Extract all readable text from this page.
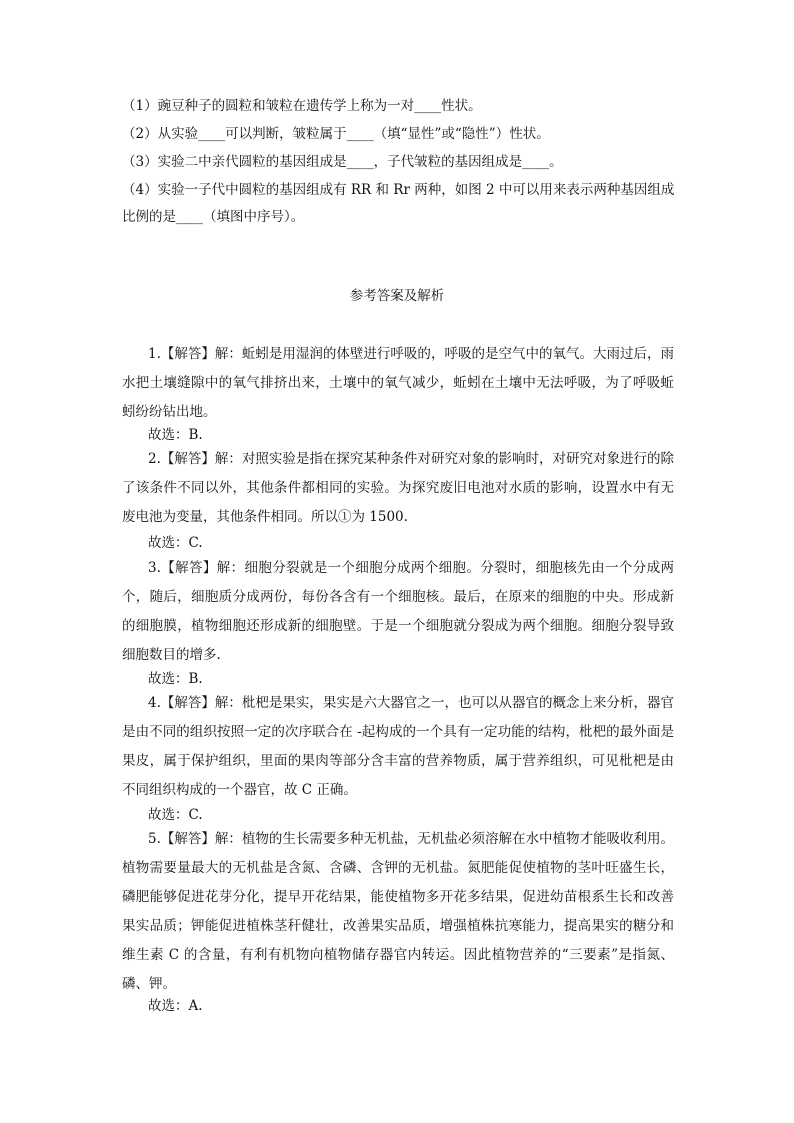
（1）豌豆种子的圆粒和皱粒在遗传学上称为一对____性状。
（2）从实验____可以判断，皱粒属于____（填“显性”或“隐性”）性状。
（3）实验二中亲代圆粒的基因组成是____，子代皱粒的基因组成是____。
（4）实验一子代中圆粒的基因组成有 RR 和 Rr 两种，如图 2 中可以用来表示两种基因组成
比例的是____（填图中序号）。
参考答案及解析
1.【解答】解：蚯蚓是用湿润的体壁进行呼吸的，呼吸的是空气中的氧气。大雨过后，雨水把土壤缝隙中的氧气排挤出来，土壤中的氧气减少，蚯蚓在土壤中无法呼吸，为了呼吸蚯蚓纷纷钻出地。
故选：B.
2.【解答】解：对照实验是指在探究某种条件对研究对象的影响时，对研究对象进行的除了该条件不同以外，其他条件都相同的实验。为探究废旧电池对水质的影响，设置水中有无废电池为变量，其他条件相同。所以①为 1500.
故选：C.
3.【解答】解：细胞分裂就是一个细胞分成两个细胞。分裂时，细胞核先由一个分成两个，随后，细胞质分成两份，每份各含有一个细胞核。最后，在原来的细胞的中央。形成新的细胞膜，植物细胞还形成新的细胞壁。于是一个细胞就分裂成为两个细胞。细胞分裂导致细胞数目的增多.
故选：B.
4.【解答】解：枇杷是果实，果实是六大器官之一，也可以从器官的概念上来分析，器官是由不同的组织按照一定的次序联合在 -起构成的一个具有一定功能的结构，枇杷的最外面是果皮，属于保护组织，里面的果肉等部分含丰富的营养物质，属于营养组织，可见枇杷是由不同组织构成的一个器官，故 C 正确。
故选：C.
5.【解答】解：植物的生长需要多种无机盐，无机盐必须溶解在水中植物才能吸收利用。植物需要量最大的无机盐是含氮、含磷、含钾的无机盐。氮肥能促使植物的茎叶旺盛生长，磷肥能够促进花芽分化，提早开花结果，能使植物多开花多结果，促进幼苗根系生长和改善果实品质；钾能促进植株茎秆健壮，改善果实品质，增强植株抗寒能力，提高果实的糖分和维生素 C 的含量，有利有机物向植物储存器官内转运。因此植物营养的“三要素”是指氮、磷、钾。
故选：A.
